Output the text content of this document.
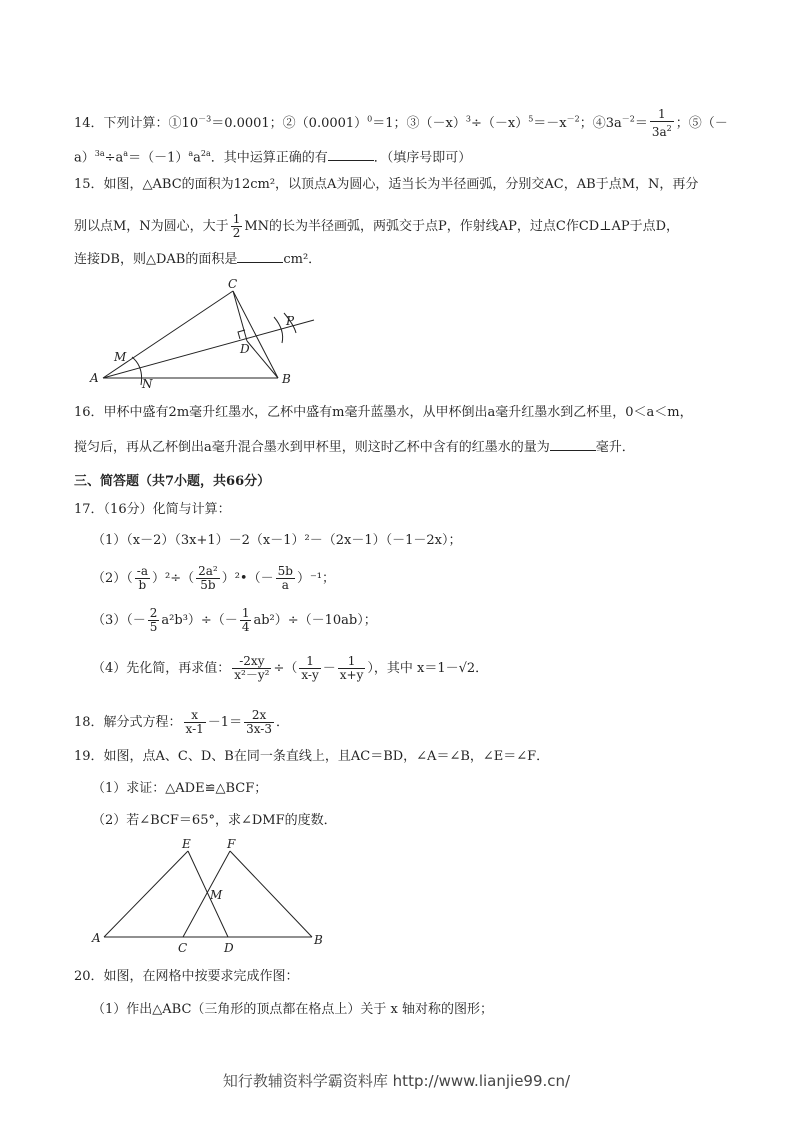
14．下列计算：$①10^{-3}=0.0001$；$②(0.0001)^0=1$；$③(-x)^3\div(-x)^5=-x^{-2}$；$④3a^{-2}= \frac{1}{3a^2}$ ；⑤（－
$a)^{3a}\div a^a=(-1)^aa^{2a}$．其中运算正确的有	．（填序号即可）
15．如图，△ABC的面积为12cm²，以顶点A为圆心，适当长为半径画弧，分别交AC，AB于点M，N，再分
别以点M，N为圆心，大于 $\frac{1}{2}$ MN的长为半径画弧，两弧交于点P，作射线AP，过点C作CD⊥AP于点D，
连接DB，则△DAB的面积是	cm²．
A	B
C
D
M
N
P
16．甲杯中盛有2m毫升红墨水，乙杯中盛有m毫升蓝墨水，从甲杯倒出a毫升红墨水到乙杯里，0＜a＜m，
搅匀后，再从乙杯倒出a毫升混合墨水到甲杯里，则这时乙杯中含有的红墨水的量为	毫升．
三、简答题（共7小题，共66分）
17．（16分）化简与计算：
（1）（x－2）（3x+1）－2（x－1）²－（2x－1）（－1－2x）；
$(2)( \frac{-a}{b} )^2\div( \frac{\text{2a²}}{5b}$ ）²•（－ $\frac{5b}{a} )^{-1}$；
$(3)(- \frac{2}{5} a^2b^3)\div(- \frac{1}{4} ab^2)\div(-10ab)$；
（4）先化简，再求值： $\frac{-2xy}{\text{x²－y²}}$ ÷（ $\frac{1}{x-y} - \frac{1}{x+y}$ ），其中 x＝1－√2．
18．解分式方程： $\frac{x}{x-1} -1= \frac{2x}{3x-3}$ ．
19．如图，点A、C、D、B在同一条直线上，且AC＝BD，∠A＝∠B，∠E＝∠F．
（1）求证：△ADE≌△BCF；
（2）若∠BCF＝65°，求∠DMF的度数．
A	B
C	D
E	F
M
20．如图，在网格中按要求完成作图：
（1）作出△ABC（三角形的顶点都在格点上）关于 x 轴对称的图形；
知行教辅资料学霸资料库 http://www.lianjie99.cn/
